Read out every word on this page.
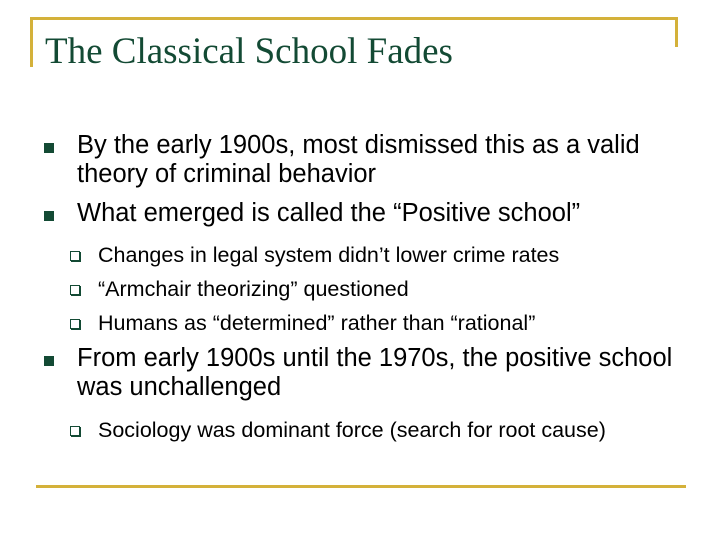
The Classical School Fades

By the early 1900s, most dismissed this as a valid theory of criminal behavior

What emerged is called the “Positive school”

Changes in legal system didn’t lower crime rates

“Armchair theorizing” questioned

Humans as “determined” rather than “rational”

From early 1900s until the 1970s, the positive school was unchallenged

Sociology was dominant force (search for root cause)
